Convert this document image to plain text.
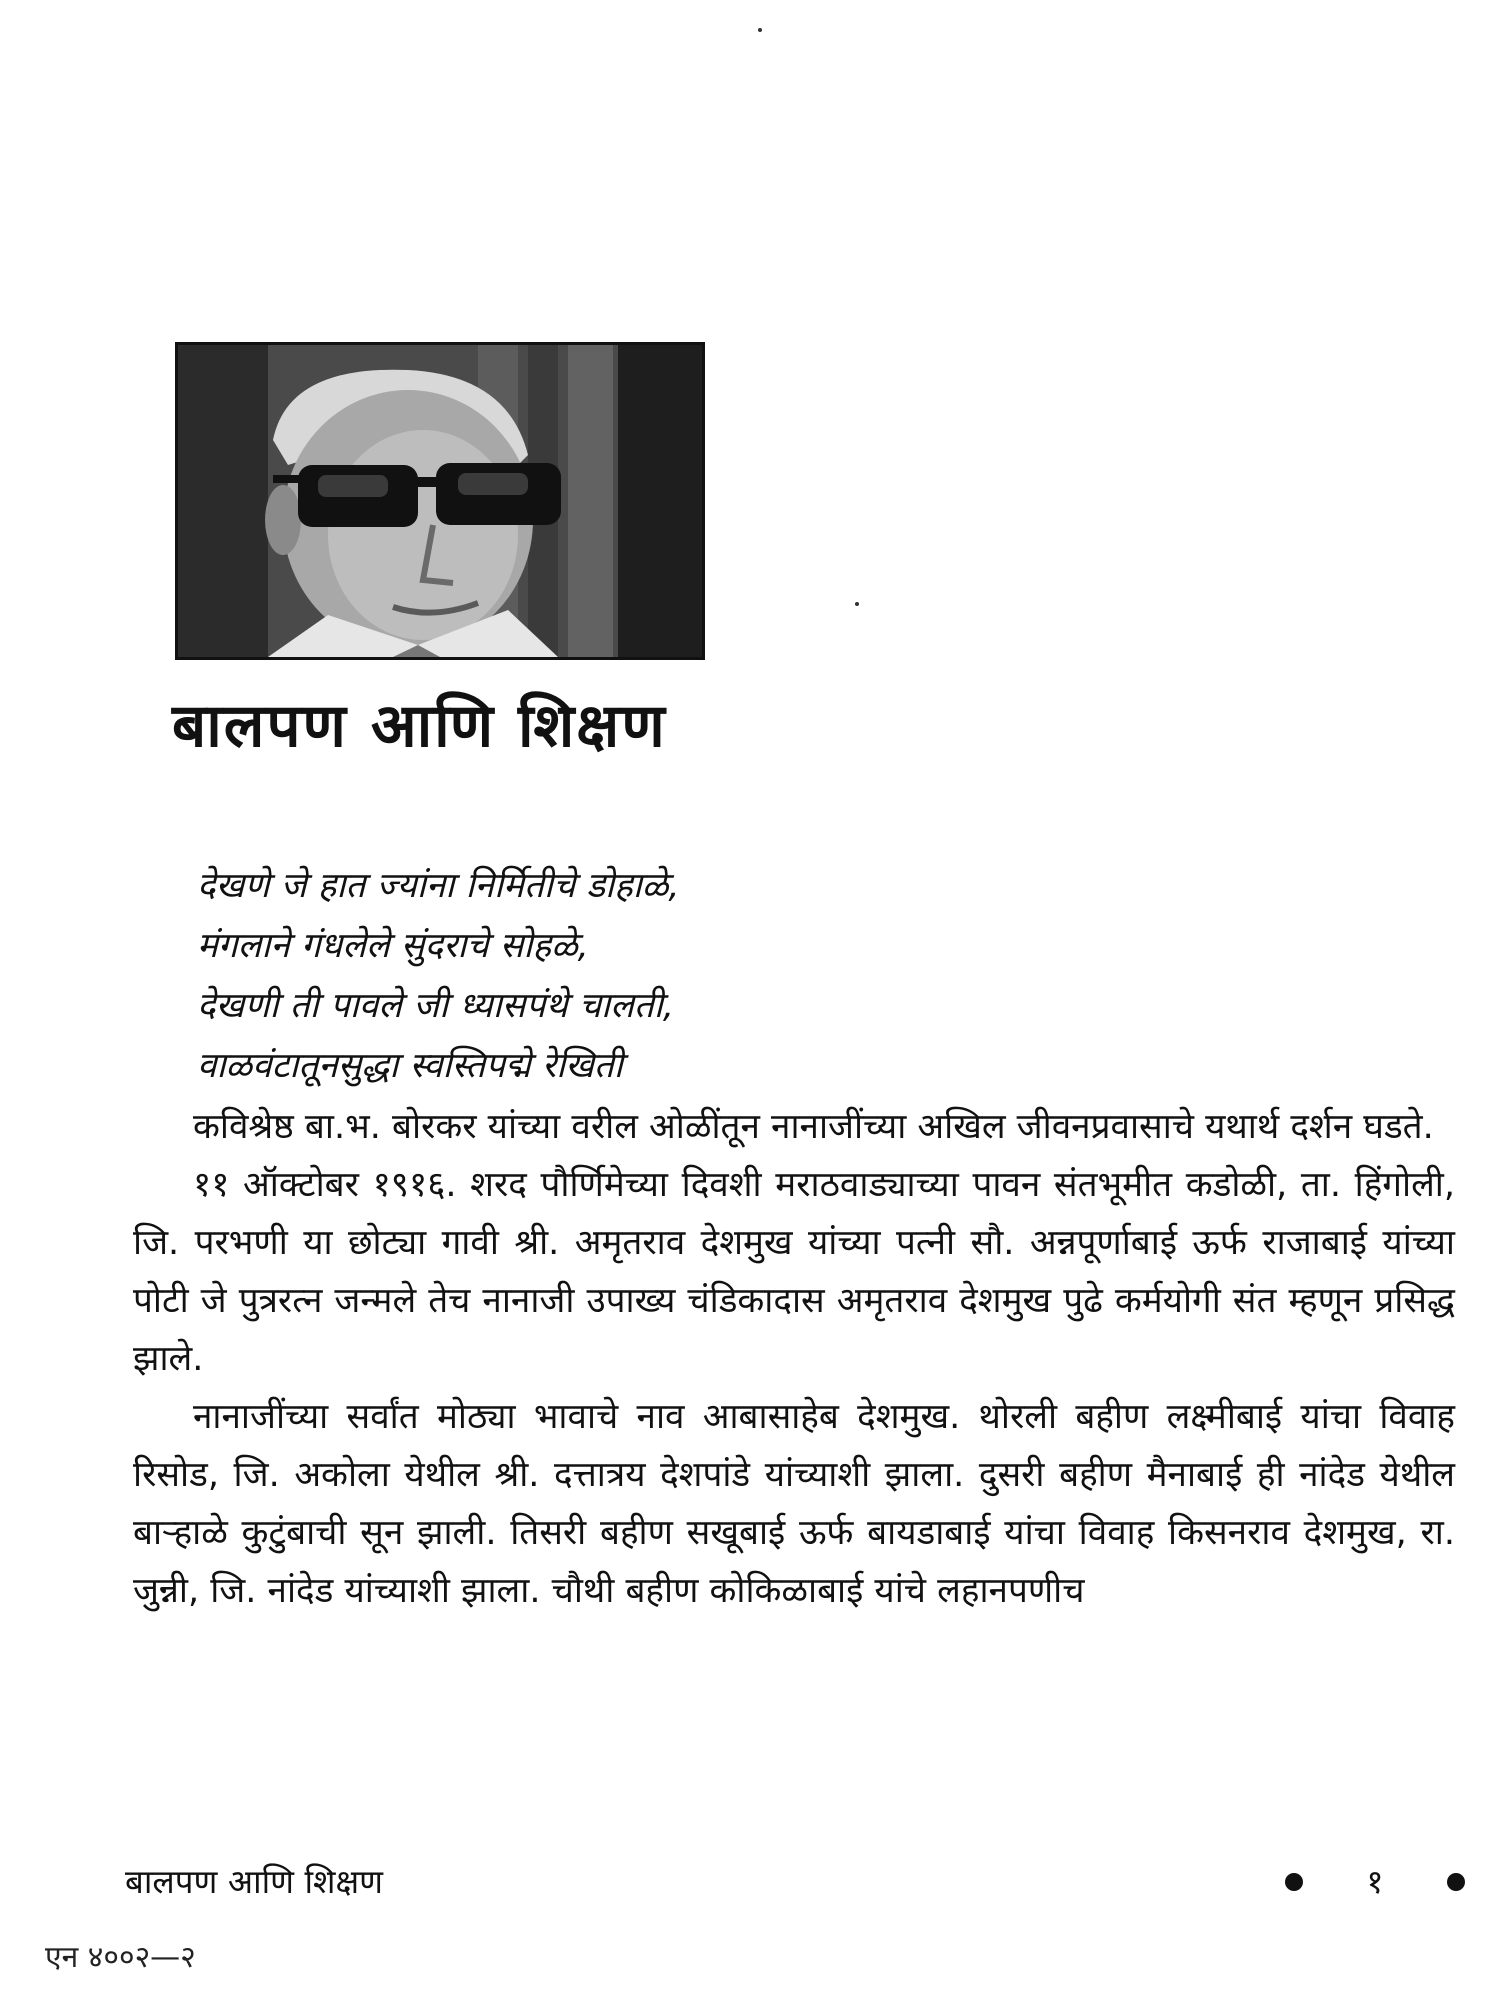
बालपण आणि शिक्षण
देखणे जे हात ज्यांना निर्मितीचे डोहाळे,
मंगलाने गंधलेले सुंदराचे सोहळे,
देखणी ती पावले जी ध्यासपंथे चालती,
वाळवंटातूनसुद्धा स्वस्तिपद्मे रेखिती

कविश्रेष्ठ बा.भ. बोरकर यांच्या वरील ओळींतून नानाजींच्या अखिल जीवनप्रवासाचे यथार्थ दर्शन घडते.

११ ऑक्टोबर १९१६. शरद पौर्णिमेच्या दिवशी मराठवाड्याच्या पावन संतभूमीत कडोळी, ता. हिंगोली, जि. परभणी या छोट्या गावी श्री. अमृतराव देशमुख यांच्या पत्नी सौ. अन्नपूर्णाबाई ऊर्फ राजाबाई यांच्या पोटी जे पुत्ररत्न जन्मले तेच नानाजी उपाख्य चंडिकादास अमृतराव देशमुख पुढे कर्मयोगी संत म्हणून प्रसिद्ध झाले.

नानाजींच्या सर्वांत मोठ्या भावाचे नाव आबासाहेब देशमुख. थोरली बहीण लक्ष्मीबाई यांचा विवाह रिसोड, जि. अकोला येथील श्री. दत्तात्रय देशपांडे यांच्याशी झाला. दुसरी बहीण मैनाबाई ही नांदेड येथील बाऱ्हाळे कुटुंबाची सून झाली. तिसरी बहीण सखूबाई ऊर्फ बायडाबाई यांचा विवाह किसनराव देशमुख, रा. जुन्नी, जि. नांदेड यांच्याशी झाला. चौथी बहीण कोकिळाबाई यांचे लहानपणीच

बालपण आणि शिक्षण	१
एन ४००२—२
